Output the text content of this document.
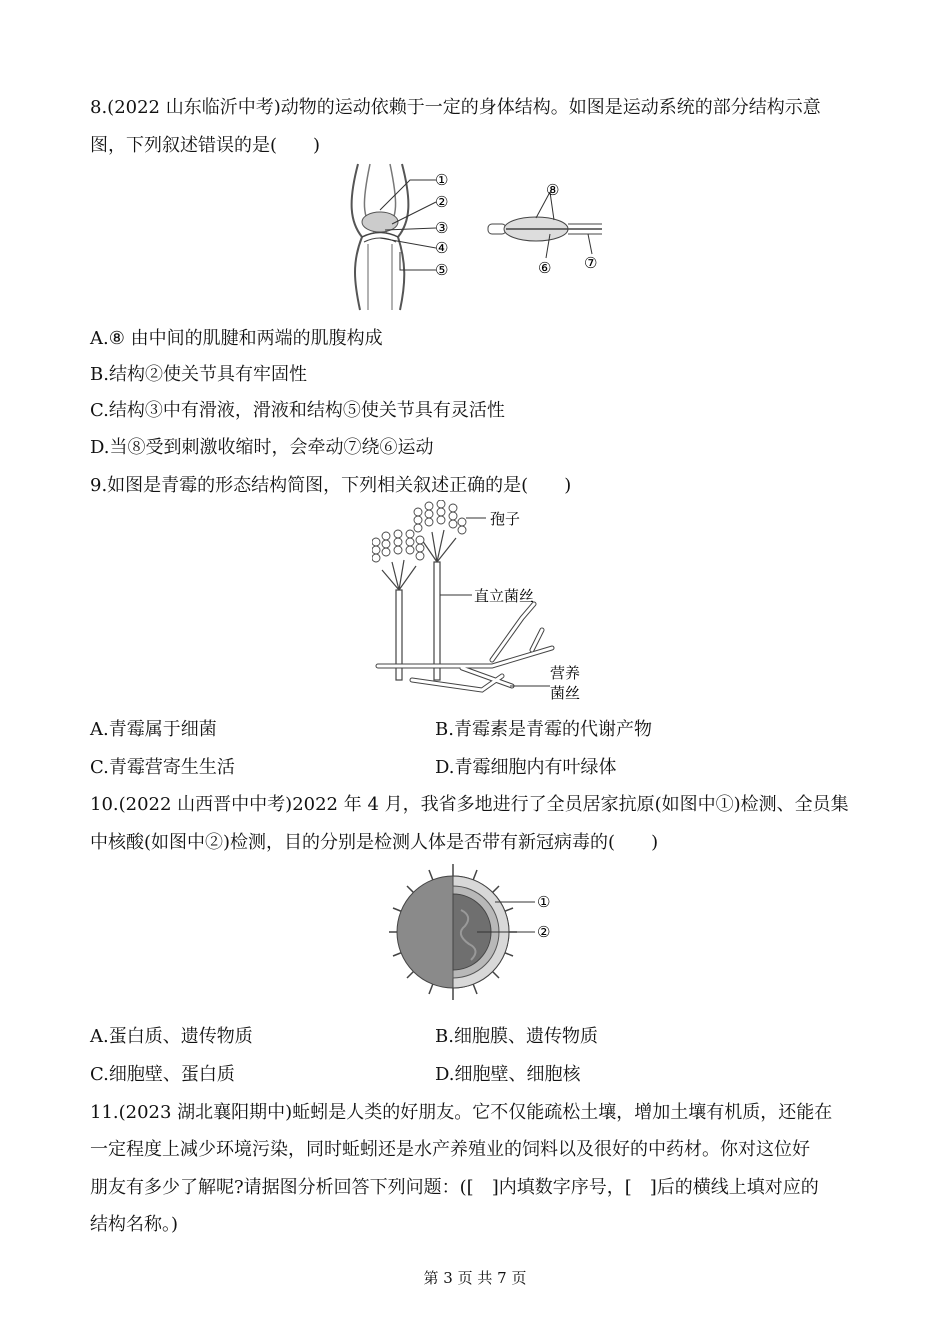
8.(2022 山东临沂中考)动物的运动依赖于一定的身体结构。如图是运动系统的部分结构示意
图，下列叙述错误的是(　　)
①
②
③
④
⑤
⑧
⑥ ⑦
A.⑧ 由中间的肌腱和两端的肌腹构成
B.结构②使关节具有牢固性
C.结构③中有滑液，滑液和结构⑤使关节具有灵活性
D.当⑧受到刺激收缩时，会牵动⑦绕⑥运动
9.如图是青霉的形态结构简图，下列相关叙述正确的是(　　)
孢子
直立菌丝
营养
菌丝
A.青霉属于细菌	B.青霉素是青霉的代谢产物
C.青霉营寄生生活	D.青霉细胞内有叶绿体
10.(2022 山西晋中中考)2022 年 4 月，我省多地进行了全员居家抗原(如图中①)检测、全员集
中核酸(如图中②)检测，目的分别是检测人体是否带有新冠病毒的(　　)
①
②
A.蛋白质、遗传物质	B.细胞膜、遗传物质
C.细胞壁、蛋白质	D.细胞壁、细胞核
11.(2023 湖北襄阳期中)蚯蚓是人类的好朋友。它不仅能疏松土壤，增加土壤有机质，还能在
一定程度上减少环境污染，同时蚯蚓还是水产养殖业的饲料以及很好的中药材。你对这位好
朋友有多少了解呢?请据图分析回答下列问题：([　]内填数字序号，[　]后的横线上填对应的
结构名称。)
第 3 页 共 7 页
